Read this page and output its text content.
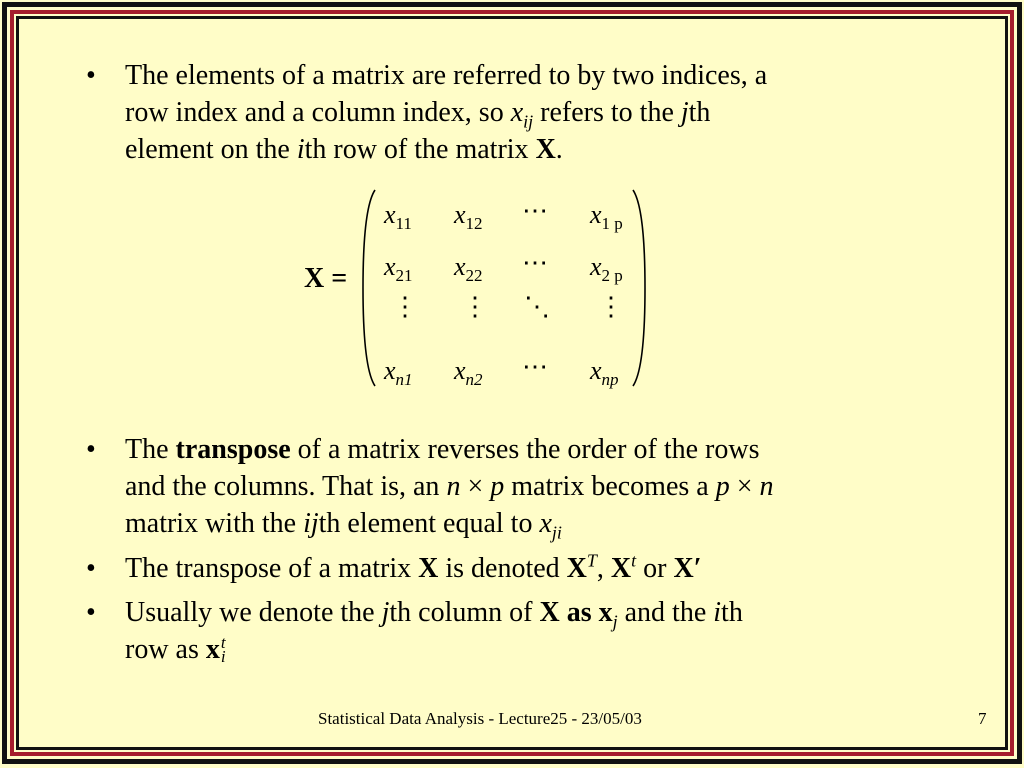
• The elements of a matrix are referred to by two indices, a
row index and a column index, so $x_{ij}$ refers to the jth
element on the ith row of the matrix X.
X =
$x_{11}$ $x_{12}$ ⋯ $x_{1 p}$
$x_{21}$ $x_{22}$ ⋯ $x_{2 p}$
⋮ ⋮ ⋱ ⋮
$x_{n1}$ $x_{n2}$ ⋯ $x_{np}$
• The transpose of a matrix reverses the order of the rows
and the columns. That is, an n × p matrix becomes a p × n
matrix with the ijth element equal to $x_{ji}$
• The transpose of a matrix X is denoted $X^T$, $X^t$ or X′
• Usually we denote the jth column of X as $x_j$ and the ith
row as x t
i
Statistical Data Analysis - Lecture25 - 23/05/03	7
